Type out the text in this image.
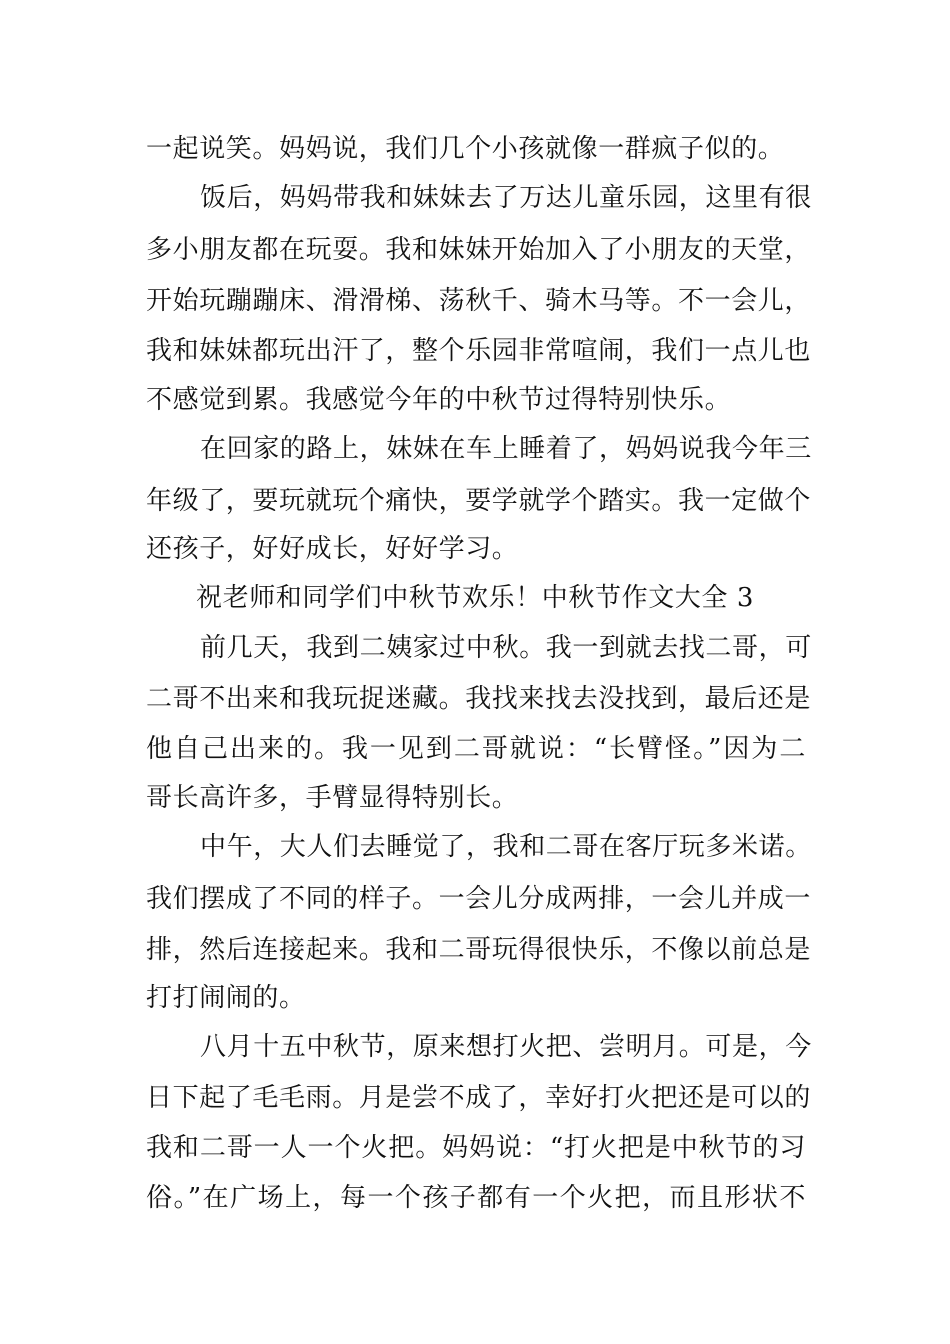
一起说笑。妈妈说，我们几个小孩就像一群疯子似的。
饭后，妈妈带我和妹妹去了万达儿童乐园，这里有很
多小朋友都在玩耍。我和妹妹开始加入了小朋友的天堂，
开始玩蹦蹦床、滑滑梯、荡秋千、骑木马等。不一会儿，
我和妹妹都玩出汗了，整个乐园非常喧闹，我们一点儿也
不感觉到累。我感觉今年的中秋节过得特别快乐。
在回家的路上，妹妹在车上睡着了，妈妈说我今年三
年级了，要玩就玩个痛快，要学就学个踏实。我一定做个
还孩子，好好成长，好好学习。
祝老师和同学们中秋节欢乐！中秋节作文大全 3
前几天，我到二姨家过中秋。我一到就去找二哥，可
二哥不出来和我玩捉迷藏。我找来找去没找到，最后还是
他自己出来的。我一见到二哥就说：“长臂怪。”因为二
哥长高许多，手臂显得特别长。
中午，大人们去睡觉了，我和二哥在客厅玩多米诺。
我们摆成了不同的样子。一会儿分成两排，一会儿并成一
排，然后连接起来。我和二哥玩得很快乐，不像以前总是
打打闹闹的。
八月十五中秋节，原来想打火把、尝明月。可是，今
日下起了毛毛雨。月是尝不成了，幸好打火把还是可以的
我和二哥一人一个火把。妈妈说：“打火把是中秋节的习
俗。”在广场上，每一个孩子都有一个火把，而且形状不
